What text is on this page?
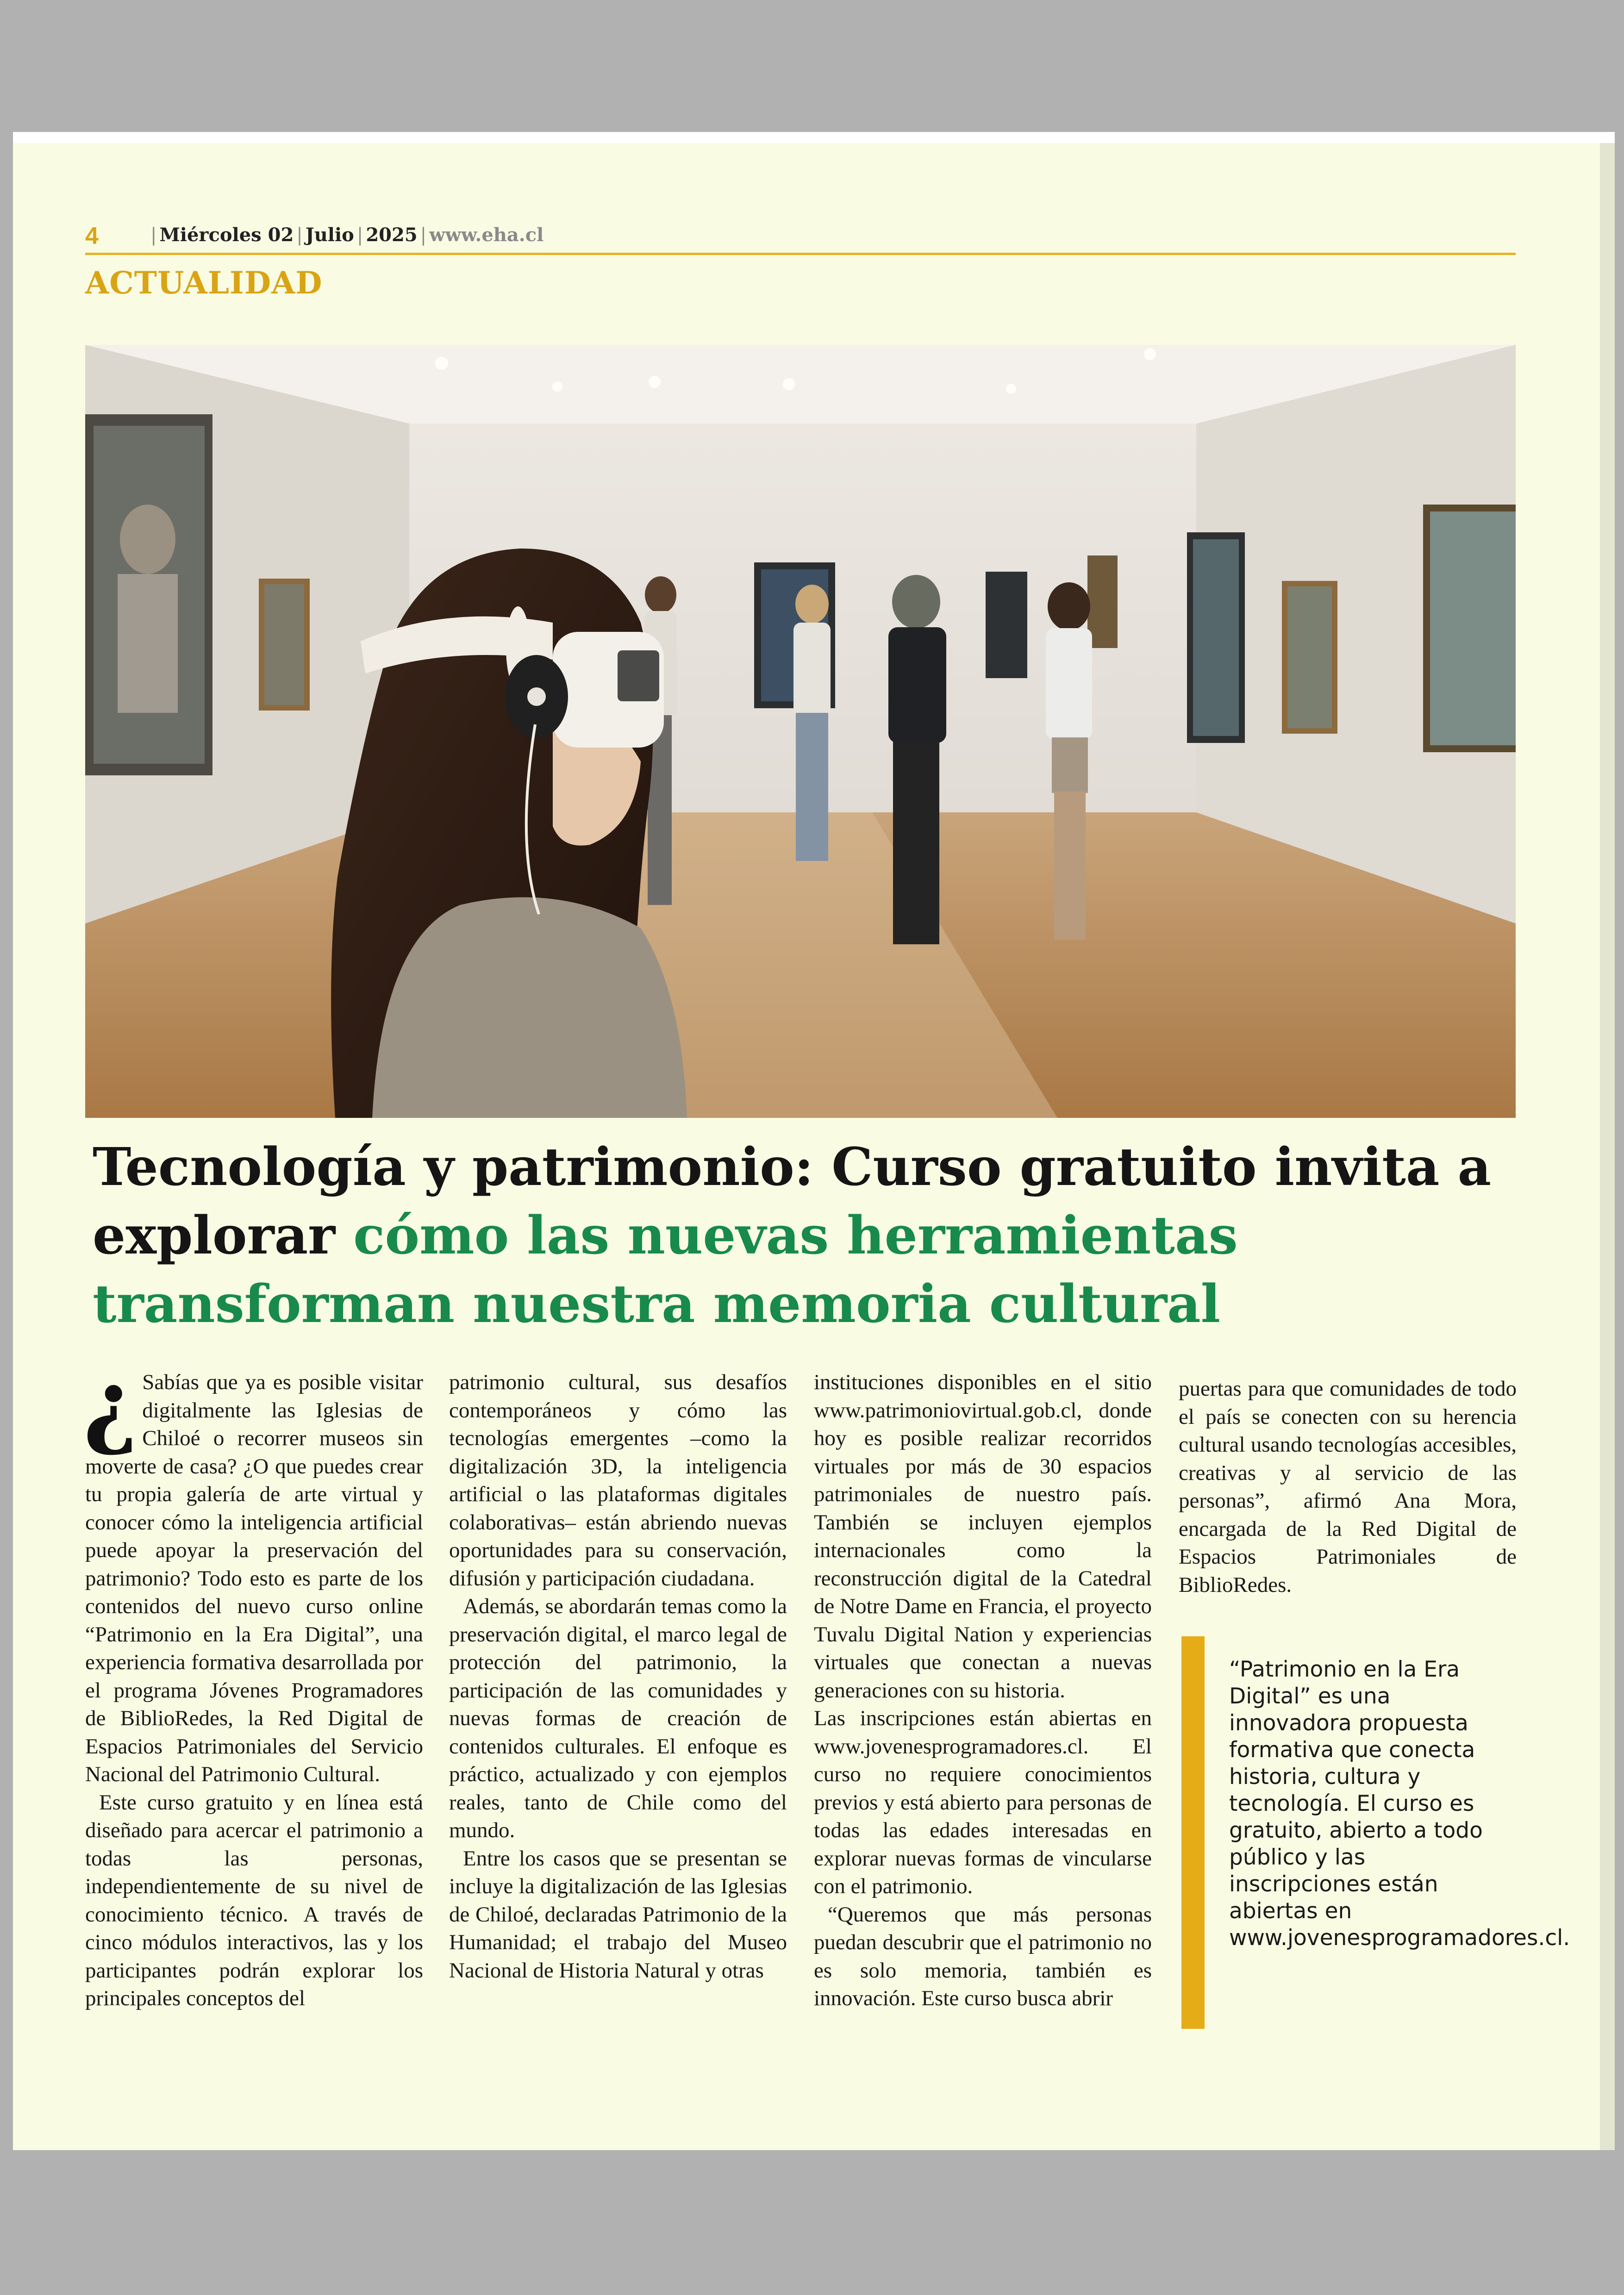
4	| Miércoles 02 | Julio | 2025 | www.eha.cl
ACTUALIDAD
Tecnología y patrimonio: Curso gratuito invita a explorar cómo las nuevas herramientas transforman nuestra memoria cultural
¿ Sabías que ya es posible visitar digitalmente las Iglesias de Chiloé o recorrer museos sin moverte de casa? ¿O que puedes crear tu propia galería de arte virtual y conocer cómo la inteligencia artificial puede apoyar la preservación del patrimonio? Todo esto es parte de los contenidos del nuevo curso online “Patrimonio en la Era Digital”, una experiencia formativa desarrollada por el programa Jóvenes Programadores de BiblioRedes, la Red Digital de Espacios Patrimoniales del Servicio Nacional del Patrimonio Cultural.

Este curso gratuito y en línea está diseñado para acercar el patrimonio a todas las personas, independientemente de su nivel de conocimiento técnico. A través de cinco módulos interactivos, las y los participantes podrán explorar los principales conceptos del

patrimonio cultural, sus desafíos contemporáneos y cómo las tecnologías emergentes –como la digitalización 3D, la inteligencia artificial o las plataformas digitales colaborativas– están abriendo nuevas oportunidades para su conservación, difusión y participación ciudadana.

Además, se abordarán temas como la preservación digital, el marco legal de protección del patrimonio, la participación de las comunidades y nuevas formas de creación de contenidos culturales. El enfoque es práctico, actualizado y con ejemplos reales, tanto de Chile como del mundo.

Entre los casos que se presentan se incluye la digitalización de las Iglesias de Chiloé, declaradas Patrimonio de la Humanidad; el trabajo del Museo Nacional de Historia Natural y otras

instituciones disponibles en el sitio www.patrimoniovirtual.gob.cl, donde hoy es posible realizar recorridos virtuales por más de 30 espacios patrimoniales de nuestro país. También se incluyen ejemplos internacionales como la reconstrucción digital de la Catedral de Notre Dame en Francia, el proyecto Tuvalu Digital Nation y experiencias virtuales que conectan a nuevas generaciones con su historia.

Las inscripciones están abiertas en www.jovenesprogramadores.cl. El curso no requiere conocimientos previos y está abierto para personas de todas las edades interesadas en explorar nuevas formas de vincularse con el patrimonio.

“Queremos que más personas puedan descubrir que el patrimonio no es solo memoria, también es innovación. Este curso busca abrir

puertas para que comunidades de todo el país se conecten con su herencia cultural usando tecnologías accesibles, creativas y al servicio de las personas”, afirmó Ana Mora, encargada de la Red Digital de Espacios Patrimoniales de BiblioRedes.

“Patrimonio en la Era Digital” es una innovadora propuesta formativa que conecta historia, cultura y tecnología. El curso es gratuito, abierto a todo público y las inscripciones están abiertas en www.jovenesprogramadores.cl.
